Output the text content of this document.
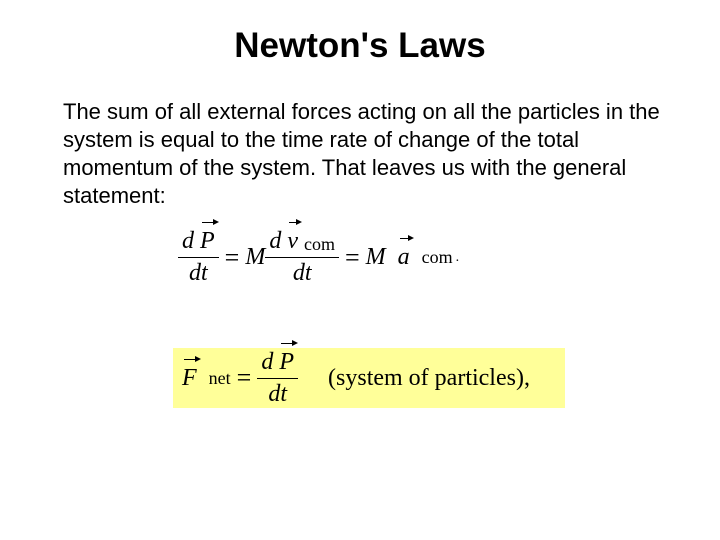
Newton's Laws
The sum of all external forces acting on all the particles in the system is equal to the time rate of change of the total momentum of the system. That leaves us with the general statement:
$\frac{\text{d P}}{dt} = M \frac{\text{d v com}}{dt} = M$
a
com .
F
net = $\frac{\text{d P}}{dt}$ (system of particles),
